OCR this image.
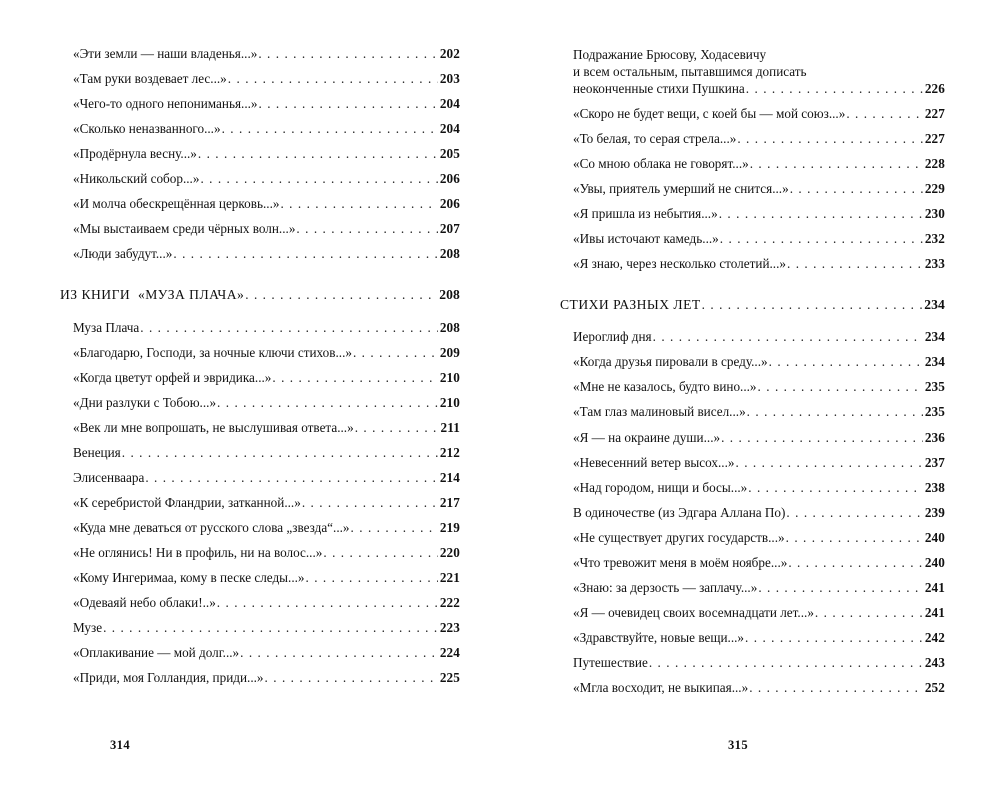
«Эти земли — наши владенья...» . . .	202
«Там руки воздевает лес...» . . .	203
«Чего-то одного непониманья...» . . .	204
«Сколько неназванного...» . . .	204
«Продёрнула весну...» . . .	205
«Никольский собор...» . . .	206
«И молча обескрещённая церковь...» . . .	206
«Мы выстаиваем среди чёрных волн...» . . .	207
«Люди забудут...» . . .	208
ИЗ КНИГИ  «МУЗА ПЛАЧА» . . .	208
Муза Плача . . .	208
«Благодарю, Господи, за ночные ключи стихов...» . . .	209
«Когда цветут орфей и эвридика...» . . .	210
«Дни разлуки с Тобою...» . . .	210
«Век ли мне вопрошать, не выслушивая ответа...» . . .	211
Венеция . . .	212
Элисенваара . . .	214
«К серебристой Фландрии, затканной...» . . .	217
«Куда мне деваться от русского слова „звезда“...» . . .	219
«Не оглянись! Ни в профиль, ни на волос...» . . .	220
«Кому Ингеримаа, кому в песке следы...» . . .	221
«Одеваяй небо облаки!..» . . .	222
Музе . . .	223
«Оплакивание — мой долг...» . . .	224
«Приди, моя Голландия, приди...» . . .	225
314
Подражание Брюсову, Ходасевичу
и всем остальным, пытавшимся дописать
неоконченные стихи Пушкина . . .	226
«Скоро не будет вещи, с коей бы — мой союз...» . . .	227
«То белая, то серая стрела...» . . .	227
«Со мною облака не говорят...» . . .	228
«Увы, приятель умерший не снится...» . . .	229
«Я пришла из небытия...» . . .	230
«Ивы источают камедь...» . . .	232
«Я знаю, через несколько столетий...» . . .	233
СТИХИ РАЗНЫХ ЛЕТ . . .	234
Иероглиф дня . . .	234
«Когда друзья пировали в среду...» . . .	234
«Мне не казалось, будто вино...» . . .	235
«Там глаз малиновый висел...» . . .	235
«Я — на окраине души...» . . .	236
«Невесенний ветер высох...» . . .	237
«Над городом, нищи и босы...» . . .	238
В одиночестве (из Эдгара Аллана По) . . .	239
«Не существует других государств...» . . .	240
«Что тревожит меня в моём ноябре...» . . .	240
«Знаю: за дерзость — заплачу...» . . .	241
«Я — очевидец своих восемнадцати лет...» . . .	241
«Здравствуйте, новые вещи...» . . .	242
Путешествие . . .	243
«Мгла восходит, не выкипая...» . . .	252
315
